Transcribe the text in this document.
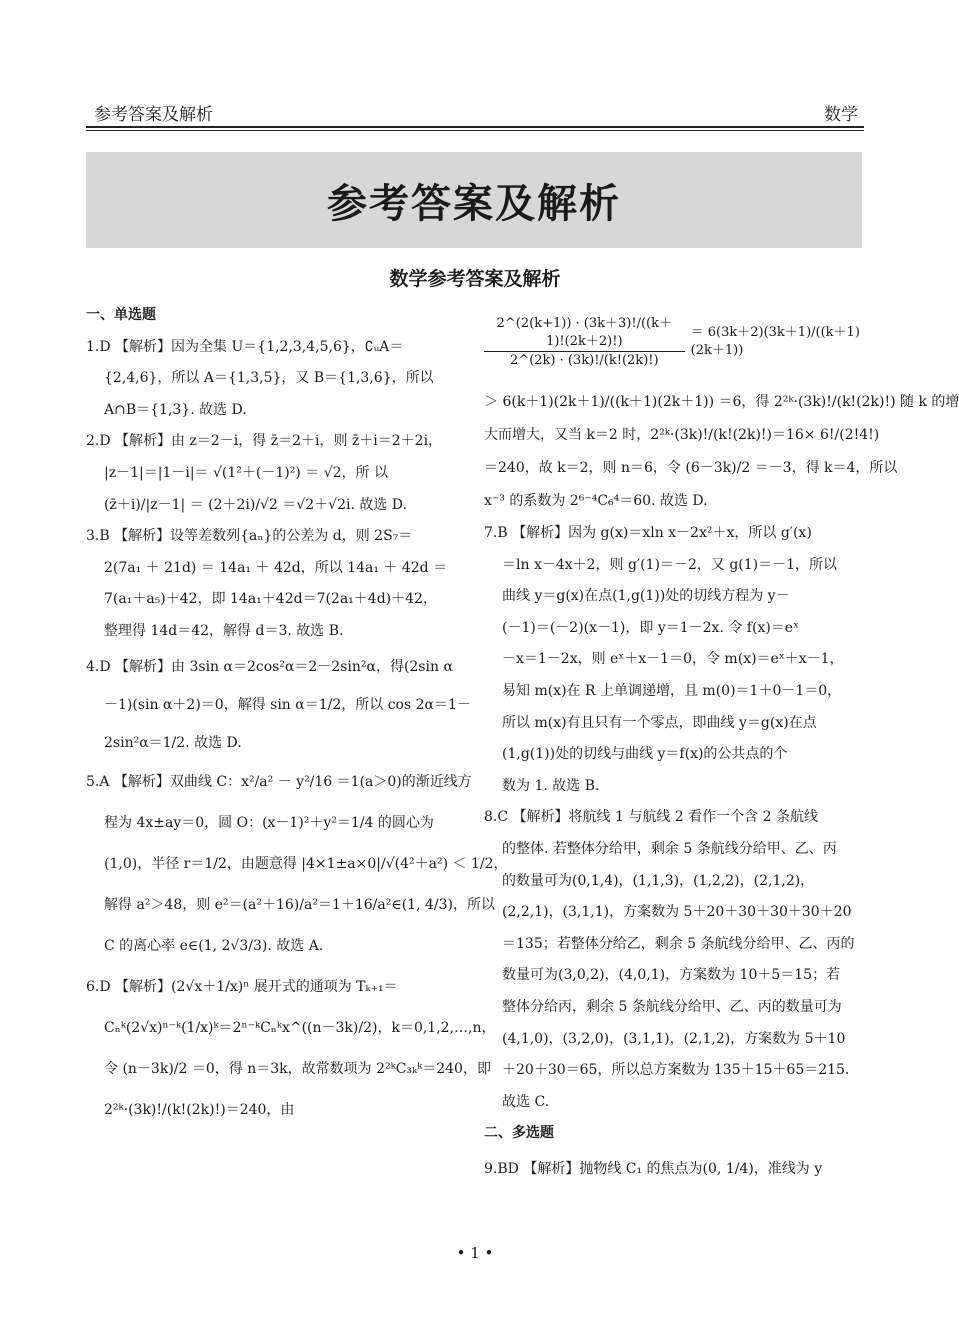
参考答案及解析	数学
参考答案及解析
数学参考答案及解析
一、单选题
1.D 【解析】因为全集 U＝{1,2,3,4,5,6}，∁ᵤA＝
{2,4,6}，所以 A＝{1,3,5}，又 B＝{1,3,6}，所以
A∩B＝{1,3}. 故选 D.
2.D 【解析】由 z＝2－i，得 z̄＝2＋i，则 z̄＋i＝2＋2i，
|z－1|＝|1－i|＝ √(1²＋(－1)²) ＝ √2，所 以
(z̄＋i)/|z－1| ＝ (2＋2i)/√2 ＝√2＋√2i. 故选 D.
3.B 【解析】设等差数列{aₙ}的公差为 d，则 2S₇＝
2(7a₁ ＋ 21d) ＝ 14a₁ ＋ 42d，所以 14a₁ ＋ 42d ＝
7(a₁＋a₅)＋42，即 14a₁＋42d＝7(2a₁＋4d)＋42，
整理得 14d＝42，解得 d＝3. 故选 B.
4.D 【解析】由 3sin α＝2cos²α＝2－2sin²α，得(2sin α
－1)(sin α＋2)＝0，解得 sin α＝1/2，所以 cos 2α＝1－
2sin²α＝1/2. 故选 D.
5.A 【解析】双曲线 C：x²/a² － y²/16 ＝1(a＞0)的渐近线方
程为 4x±ay＝0，圆 O：(x－1)²＋y²＝1/4 的圆心为
(1,0)，半径 r＝1/2，由题意得 |4×1±a×0|/√(4²＋a²) ＜ 1/2，
解得 a²＞48，则 e²＝(a²＋16)/a²＝1＋16/a²∈(1, 4/3)，所以
C 的离心率 e∈(1, 2√3/3). 故选 A.
6.D 【解析】(2√x＋1/x)ⁿ 展开式的通项为 Tₖ₊₁＝
Cₙᵏ(2√x)ⁿ⁻ᵏ(1/x)ᵏ＝2ⁿ⁻ᵏCₙᵏx^((n－3k)/2)，k＝0,1,2,…,n，
令 (n－3k)/2 ＝0，得 n＝3k，故常数项为 2²ᵏC₃ₖᵏ＝240，即
2²ᵏ·(3k)!/(k!(2k)!)＝240，由
$\frac{2\^{}(2(k+1)) \cdot (3k+3)!/((k+1)!(2k+2)!)}{2\^{}(2k) \cdot (3k)!/(k!(2k)!)} = 6(3k+2)(3k+1)/((k+1)(2k+1))$
＞ 6(k＋1)(2k＋1)/((k＋1)(2k＋1)) ＝6，得 2²ᵏ·(3k)!/(k!(2k)!) 随 k 的增
大而增大，又当 k＝2 时，2²ᵏ·(3k)!/(k!(2k)!)＝16× 6!/(2!4!)
＝240，故 k＝2，则 n＝6，令 (6－3k)/2 ＝－3，得 k＝4，所以
x⁻³ 的系数为 2⁶⁻⁴C₆⁴＝60. 故选 D.
7.B 【解析】因为 g(x)＝xln x－2x²＋x，所以 g′(x)
＝ln x－4x＋2，则 g′(1)＝－2，又 g(1)＝－1，所以
曲线 y＝g(x)在点(1,g(1))处的切线方程为 y－
(－1)＝(－2)(x－1)，即 y＝1－2x. 令 f(x)＝eˣ
－x＝1－2x，则 eˣ＋x－1＝0，令 m(x)＝eˣ＋x－1，
易知 m(x)在 R 上单调递增，且 m(0)＝1＋0－1＝0，
所以 m(x)有且只有一个零点，即曲线 y＝g(x)在点
(1,g(1))处的切线与曲线 y＝f(x)的公共点的个
数为 1. 故选 B.
8.C 【解析】将航线 1 与航线 2 看作一个含 2 条航线
的整体. 若整体分给甲，剩余 5 条航线分给甲、乙、丙
的数量可为(0,1,4)，(1,1,3)，(1,2,2)，(2,1,2)，
(2,2,1)，(3,1,1)，方案数为 5＋20＋30＋30＋30＋20
＝135；若整体分给乙，剩余 5 条航线分给甲、乙、丙的
数量可为(3,0,2)，(4,0,1)，方案数为 10＋5＝15；若
整体分给丙，剩余 5 条航线分给甲、乙、丙的数量可为
(4,1,0)，(3,2,0)，(3,1,1)，(2,1,2)，方案数为 5＋10
＋20＋30＝65，所以总方案数为 135＋15＋65＝215.
故选 C.
二、多选题
9.BD 【解析】抛物线 C₁ 的焦点为(0, 1/4)，准线为 y
• 1 •
